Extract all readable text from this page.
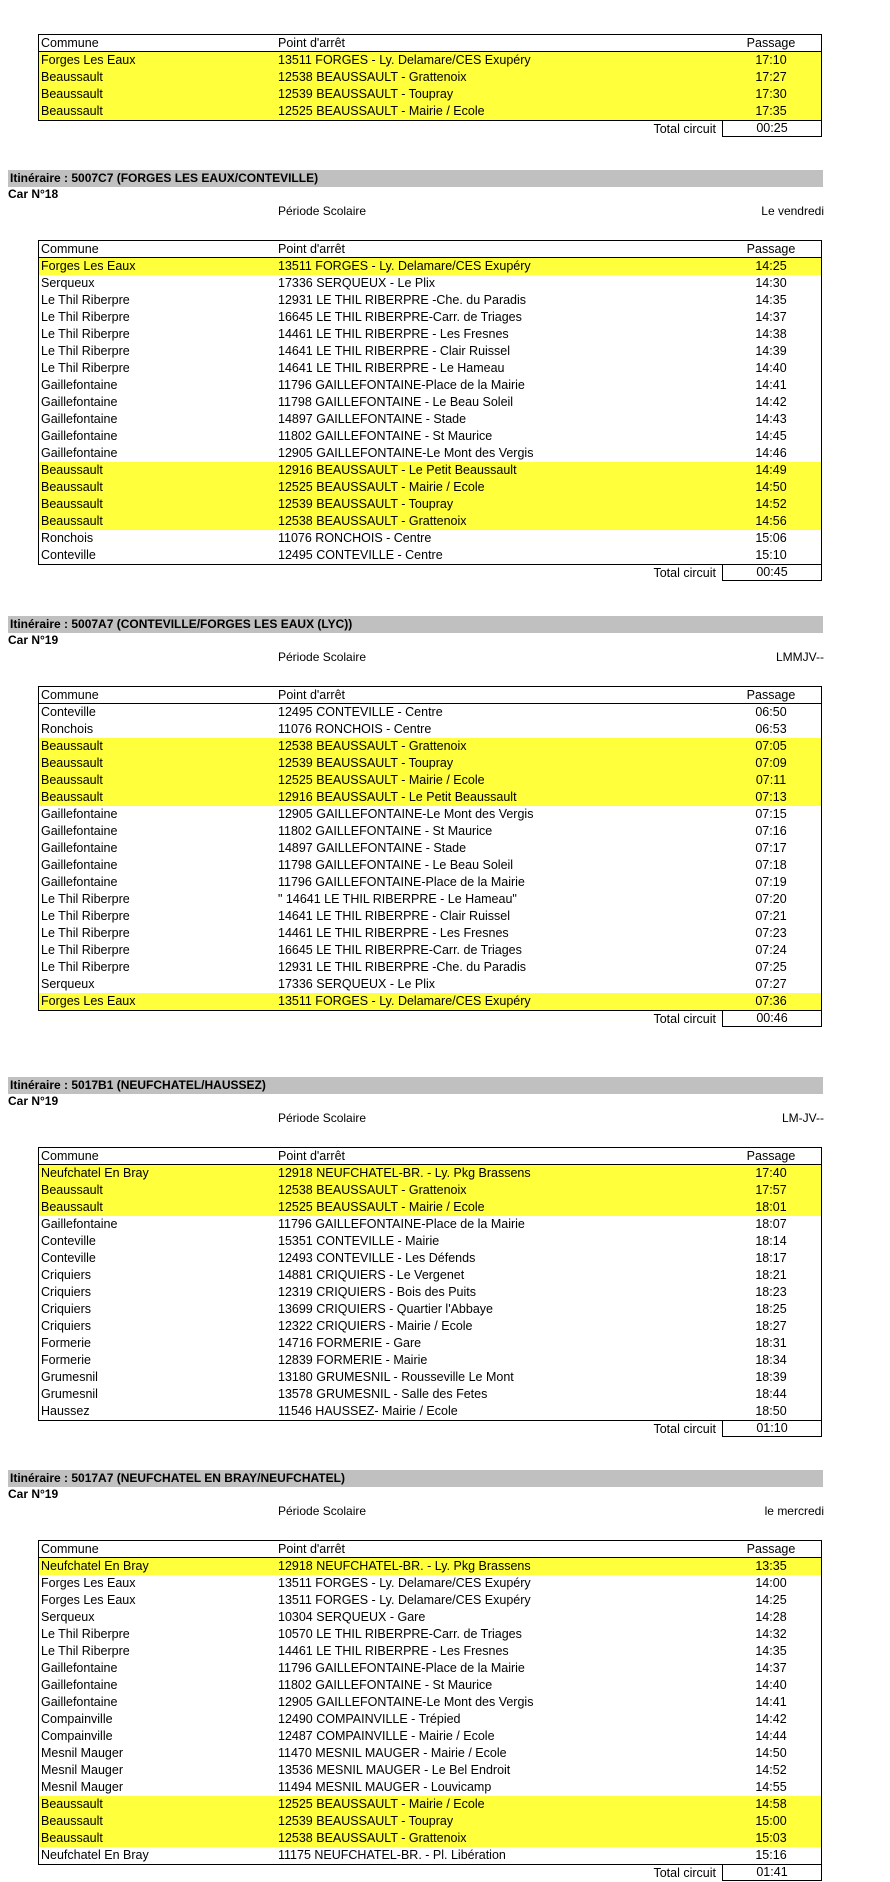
Commune	Point d'arrêt	Passage
Forges Les Eaux	13511 FORGES - Ly. Delamare/CES Exupéry	17:10
Beaussault	12538 BEAUSSAULT - Grattenoix	17:27
Beaussault	12539 BEAUSSAULT - Toupray	17:30
Beaussault	12525 BEAUSSAULT - Mairie / Ecole	17:35
Total circuit	00:25
Itinéraire : 5007C7 (FORGES LES EAUX/CONTEVILLE)
Car N°18
Période Scolaire	Le vendredi
Commune	Point d'arrêt	Passage
Forges Les Eaux	13511 FORGES - Ly. Delamare/CES Exupéry	14:25
Serqueux	17336 SERQUEUX - Le Plix	14:30
Le Thil Riberpre	12931 LE THIL RIBERPRE -Che. du Paradis	14:35
Le Thil Riberpre	16645 LE THIL RIBERPRE-Carr. de Triages	14:37
Le Thil Riberpre	14461 LE THIL RIBERPRE - Les Fresnes	14:38
Le Thil Riberpre	14641 LE THIL RIBERPRE - Clair Ruissel	14:39
Le Thil Riberpre	14641 LE THIL RIBERPRE - Le Hameau	14:40
Gaillefontaine	11796 GAILLEFONTAINE-Place de la Mairie	14:41
Gaillefontaine	11798 GAILLEFONTAINE - Le Beau Soleil	14:42
Gaillefontaine	14897 GAILLEFONTAINE - Stade	14:43
Gaillefontaine	11802 GAILLEFONTAINE - St Maurice	14:45
Gaillefontaine	12905 GAILLEFONTAINE-Le Mont des Vergis	14:46
Beaussault	12916 BEAUSSAULT - Le Petit Beaussault	14:49
Beaussault	12525 BEAUSSAULT - Mairie / Ecole	14:50
Beaussault	12539 BEAUSSAULT - Toupray	14:52
Beaussault	12538 BEAUSSAULT - Grattenoix	14:56
Ronchois	11076 RONCHOIS - Centre	15:06
Conteville	12495 CONTEVILLE - Centre	15:10
Total circuit	00:45
Itinéraire : 5007A7 (CONTEVILLE/FORGES LES EAUX (LYC))
Car N°19
Période Scolaire	LMMJV--
Commune	Point d'arrêt	Passage
Conteville	12495 CONTEVILLE - Centre	06:50
Ronchois	11076 RONCHOIS - Centre	06:53
Beaussault	12538 BEAUSSAULT - Grattenoix	07:05
Beaussault	12539 BEAUSSAULT - Toupray	07:09
Beaussault	12525 BEAUSSAULT - Mairie / Ecole	07:11
Beaussault	12916 BEAUSSAULT - Le Petit Beaussault	07:13
Gaillefontaine	12905 GAILLEFONTAINE-Le Mont des Vergis	07:15
Gaillefontaine	11802 GAILLEFONTAINE - St Maurice	07:16
Gaillefontaine	14897 GAILLEFONTAINE - Stade	07:17
Gaillefontaine	11798 GAILLEFONTAINE - Le Beau Soleil	07:18
Gaillefontaine	11796 GAILLEFONTAINE-Place de la Mairie	07:19
Le Thil Riberpre	" 14641 LE THIL RIBERPRE - Le Hameau"	07:20
Le Thil Riberpre	14641 LE THIL RIBERPRE - Clair Ruissel	07:21
Le Thil Riberpre	14461 LE THIL RIBERPRE - Les Fresnes	07:23
Le Thil Riberpre	16645 LE THIL RIBERPRE-Carr. de Triages	07:24
Le Thil Riberpre	12931 LE THIL RIBERPRE -Che. du Paradis	07:25
Serqueux	17336 SERQUEUX - Le Plix	07:27
Forges Les Eaux	13511 FORGES - Ly. Delamare/CES Exupéry	07:36
Total circuit	00:46
Itinéraire : 5017B1 (NEUFCHATEL/HAUSSEZ)
Car N°19
Période Scolaire	LM-JV--
Commune	Point d'arrêt	Passage
Neufchatel En Bray	12918 NEUFCHATEL-BR. - Ly. Pkg Brassens	17:40
Beaussault	12538 BEAUSSAULT - Grattenoix	17:57
Beaussault	12525 BEAUSSAULT - Mairie / Ecole	18:01
Gaillefontaine	11796 GAILLEFONTAINE-Place de la Mairie	18:07
Conteville	15351 CONTEVILLE - Mairie	18:14
Conteville	12493 CONTEVILLE - Les Défends	18:17
Criquiers	14881 CRIQUIERS - Le Vergenet	18:21
Criquiers	12319 CRIQUIERS - Bois des Puits	18:23
Criquiers	13699 CRIQUIERS - Quartier l'Abbaye	18:25
Criquiers	12322 CRIQUIERS - Mairie / Ecole	18:27
Formerie	14716 FORMERIE - Gare	18:31
Formerie	12839 FORMERIE - Mairie	18:34
Grumesnil	13180 GRUMESNIL - Rousseville Le Mont	18:39
Grumesnil	13578 GRUMESNIL - Salle des Fetes	18:44
Haussez	11546 HAUSSEZ- Mairie / Ecole	18:50
Total circuit	01:10
Itinéraire : 5017A7 (NEUFCHATEL EN BRAY/NEUFCHATEL)
Car N°19
Période Scolaire	le mercredi
Commune	Point d'arrêt	Passage
Neufchatel En Bray	12918 NEUFCHATEL-BR. - Ly. Pkg Brassens	13:35
Forges Les Eaux	13511 FORGES - Ly. Delamare/CES Exupéry	14:00
Forges Les Eaux	13511 FORGES - Ly. Delamare/CES Exupéry	14:25
Serqueux	10304 SERQUEUX - Gare	14:28
Le Thil Riberpre	10570 LE THIL RIBERPRE-Carr. de Triages	14:32
Le Thil Riberpre	14461 LE THIL RIBERPRE - Les Fresnes	14:35
Gaillefontaine	11796 GAILLEFONTAINE-Place de la Mairie	14:37
Gaillefontaine	11802 GAILLEFONTAINE - St Maurice	14:40
Gaillefontaine	12905 GAILLEFONTAINE-Le Mont des Vergis	14:41
Compainville	12490 COMPAINVILLE - Trépied	14:42
Compainville	12487 COMPAINVILLE - Mairie / Ecole	14:44
Mesnil Mauger	11470 MESNIL MAUGER - Mairie / Ecole	14:50
Mesnil Mauger	13536 MESNIL MAUGER - Le Bel Endroit	14:52
Mesnil Mauger	11494 MESNIL MAUGER - Louvicamp	14:55
Beaussault	12525 BEAUSSAULT - Mairie / Ecole	14:58
Beaussault	12539 BEAUSSAULT - Toupray	15:00
Beaussault	12538 BEAUSSAULT - Grattenoix	15:03
Neufchatel En Bray	11175 NEUFCHATEL-BR. - Pl. Libération	15:16
Total circuit	01:41
